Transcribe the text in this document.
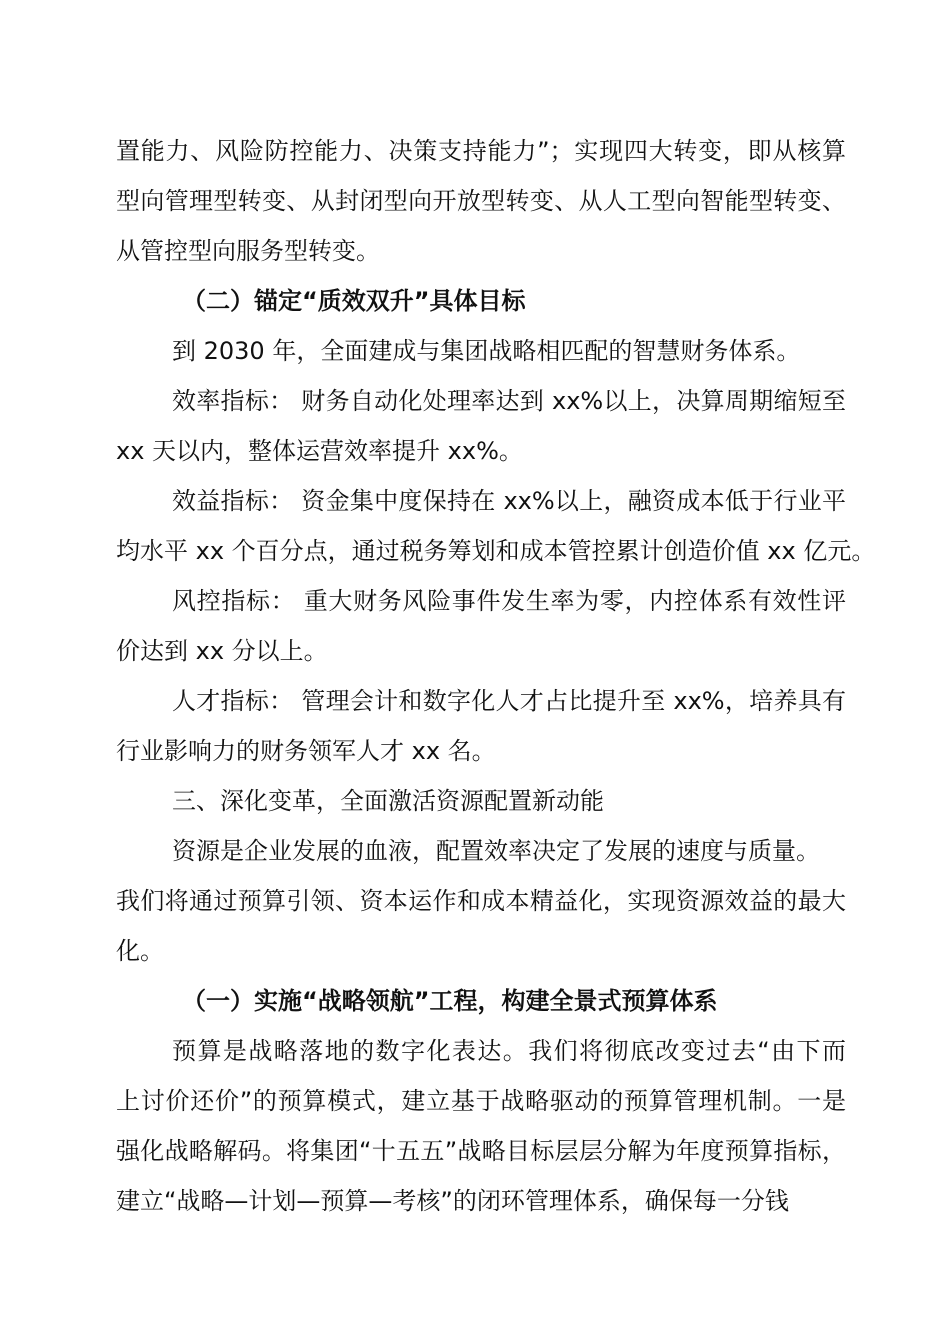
置能力、风险防控能力、决策支持能力”；实现四大转变，即从核算
型向管理型转变、从封闭型向开放型转变、从人工型向智能型转变、
从管控型向服务型转变。
（二）锚定“质效双升”具体目标
到 2030 年，全面建成与集团战略相匹配的智慧财务体系。
效率指标： 财务自动化处理率达到 xx%以上，决算周期缩短至
xx 天以内，整体运营效率提升 xx%。
效益指标： 资金集中度保持在 xx%以上，融资成本低于行业平
均水平 xx 个百分点，通过税务筹划和成本管控累计创造价值 xx 亿元。
风控指标： 重大财务风险事件发生率为零，内控体系有效性评
价达到 xx 分以上。
人才指标： 管理会计和数字化人才占比提升至 xx%，培养具有
行业影响力的财务领军人才 xx 名。
三、深化变革，全面激活资源配置新动能
资源是企业发展的血液，配置效率决定了发展的速度与质量。
我们将通过预算引领、资本运作和成本精益化，实现资源效益的最大
化。
（一）实施“战略领航”工程，构建全景式预算体系
预算是战略落地的数字化表达。我们将彻底改变过去“由下而
上讨价还价”的预算模式，建立基于战略驱动的预算管理机制。一是
强化战略解码。将集团“十五五”战略目标层层分解为年度预算指标，
建立“战略—计划—预算—考核”的闭环管理体系，确保每一分钱
